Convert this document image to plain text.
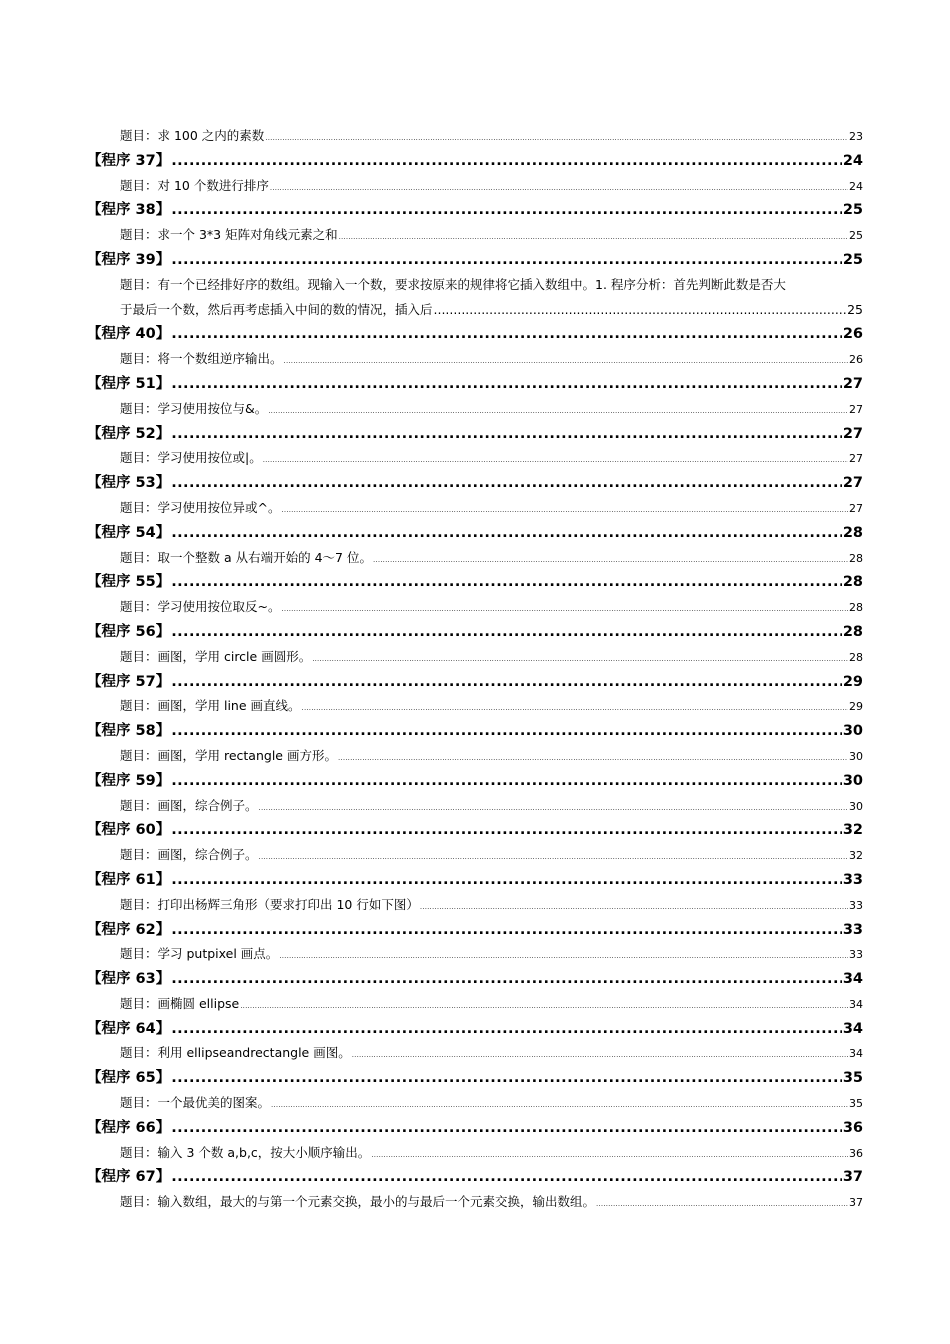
题目：求 100 之内的素数 .....	23
【程序 37】 .....	24
题目：对 10 个数进行排序 .....	24
【程序 38】 .....	25
题目：求一个 3*3 矩阵对角线元素之和 .....	25
【程序 39】 .....	25
题目：有一个已经排好序的数组。现输入一个数，要求按原来的规律将它插入数组中。1. 程序分析：首先判断此数是否大
于最后一个数，然后再考虑插入中间的数的情况，插入后 .....	25
【程序 40】 .....	26
题目：将一个数组逆序输出。 .....	26
【程序 51】 .....	27
题目：学习使用按位与&。 .....	27
【程序 52】 .....	27
题目：学习使用按位或|。 .....	27
【程序 53】 .....	27
题目：学习使用按位异或^。 .....	27
【程序 54】 .....	28
题目：取一个整数 a 从右端开始的 4～7 位。 .....	28
【程序 55】 .....	28
题目：学习使用按位取反~。 .....	28
【程序 56】 .....	28
题目：画图，学用 circle 画圆形。 .....	28
【程序 57】 .....	29
题目：画图，学用 line 画直线。 .....	29
【程序 58】 .....	30
题目：画图，学用 rectangle 画方形。 .....	30
【程序 59】 .....	30
题目：画图，综合例子。 .....	30
【程序 60】 .....	32
题目：画图，综合例子。 .....	32
【程序 61】 .....	33
题目：打印出杨辉三角形（要求打印出 10 行如下图） .....	33
【程序 62】 .....	33
题目：学习 putpixel 画点。 .....	33
【程序 63】 .....	34
题目：画椭圆 ellipse .....	34
【程序 64】 .....	34
题目：利用 ellipseandrectangle 画图。 .....	34
【程序 65】 .....	35
题目：一个最优美的图案。 .....	35
【程序 66】 .....	36
题目：输入 3 个数 a,b,c，按大小顺序输出。 .....	36
【程序 67】 .....	37
题目：输入数组，最大的与第一个元素交换，最小的与最后一个元素交换，输出数组。 .....	37
